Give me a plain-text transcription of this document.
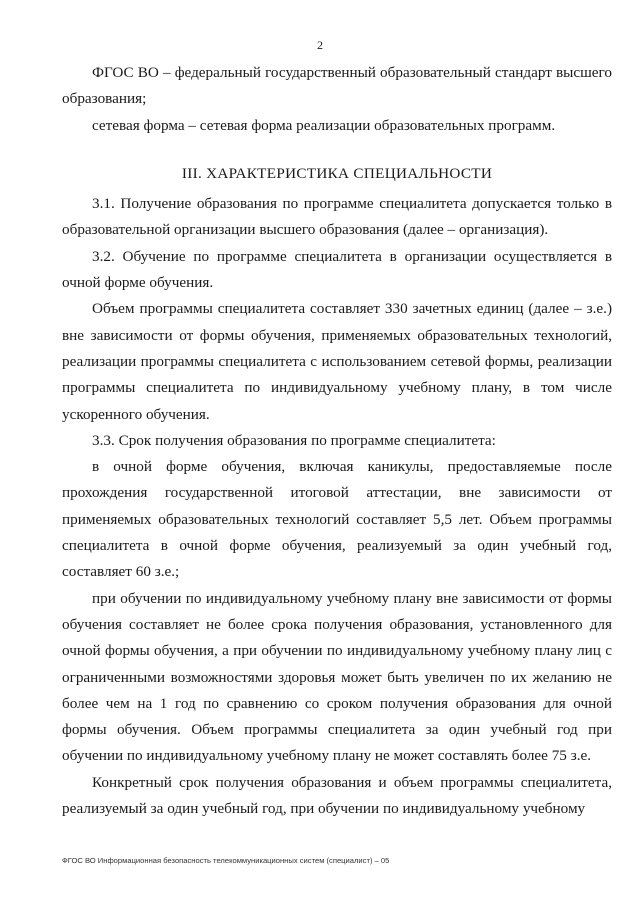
2

ФГОС ВО – федеральный государственный образовательный стандарт высшего образования;

сетевая форма – сетевая форма реализации образовательных программ.

III. ХАРАКТЕРИСТИКА СПЕЦИАЛЬНОСТИ

3.1. Получение образования по программе специалитета допускается только в образовательной организации высшего образования (далее – организация).

3.2. Обучение по программе специалитета в организации осуществляется в очной форме обучения.

Объем программы специалитета составляет 330 зачетных единиц (далее – з.е.) вне зависимости от формы обучения, применяемых образовательных технологий, реализации программы специалитета с использованием сетевой формы, реализации программы специалитета по индивидуальному учебному плану, в том числе ускоренного обучения.

3.3. Срок получения образования по программе специалитета:

в очной форме обучения, включая каникулы, предоставляемые после прохождения государственной итоговой аттестации, вне зависимости от применяемых образовательных технологий составляет 5,5 лет. Объем программы специалитета в очной форме обучения, реализуемый за один учебный год, составляет 60 з.е.;

при обучении по индивидуальному учебному плану вне зависимости от формы обучения составляет не более срока получения образования, установленного для очной формы обучения, а при обучении по индивидуальному учебному плану лиц с ограниченными возможностями здоровья может быть увеличен по их желанию не более чем на 1 год по сравнению со сроком получения образования для очной формы обучения. Объем программы специалитета за один учебный год при обучении по индивидуальному учебному плану не может составлять более 75 з.е.

Конкретный срок получения образования и объем программы специалитета, реализуемый за один учебный год, при обучении по индивидуальному учебному

ФГОС ВО Информационная безопасность телекоммуникационных систем (специалист) – 05
